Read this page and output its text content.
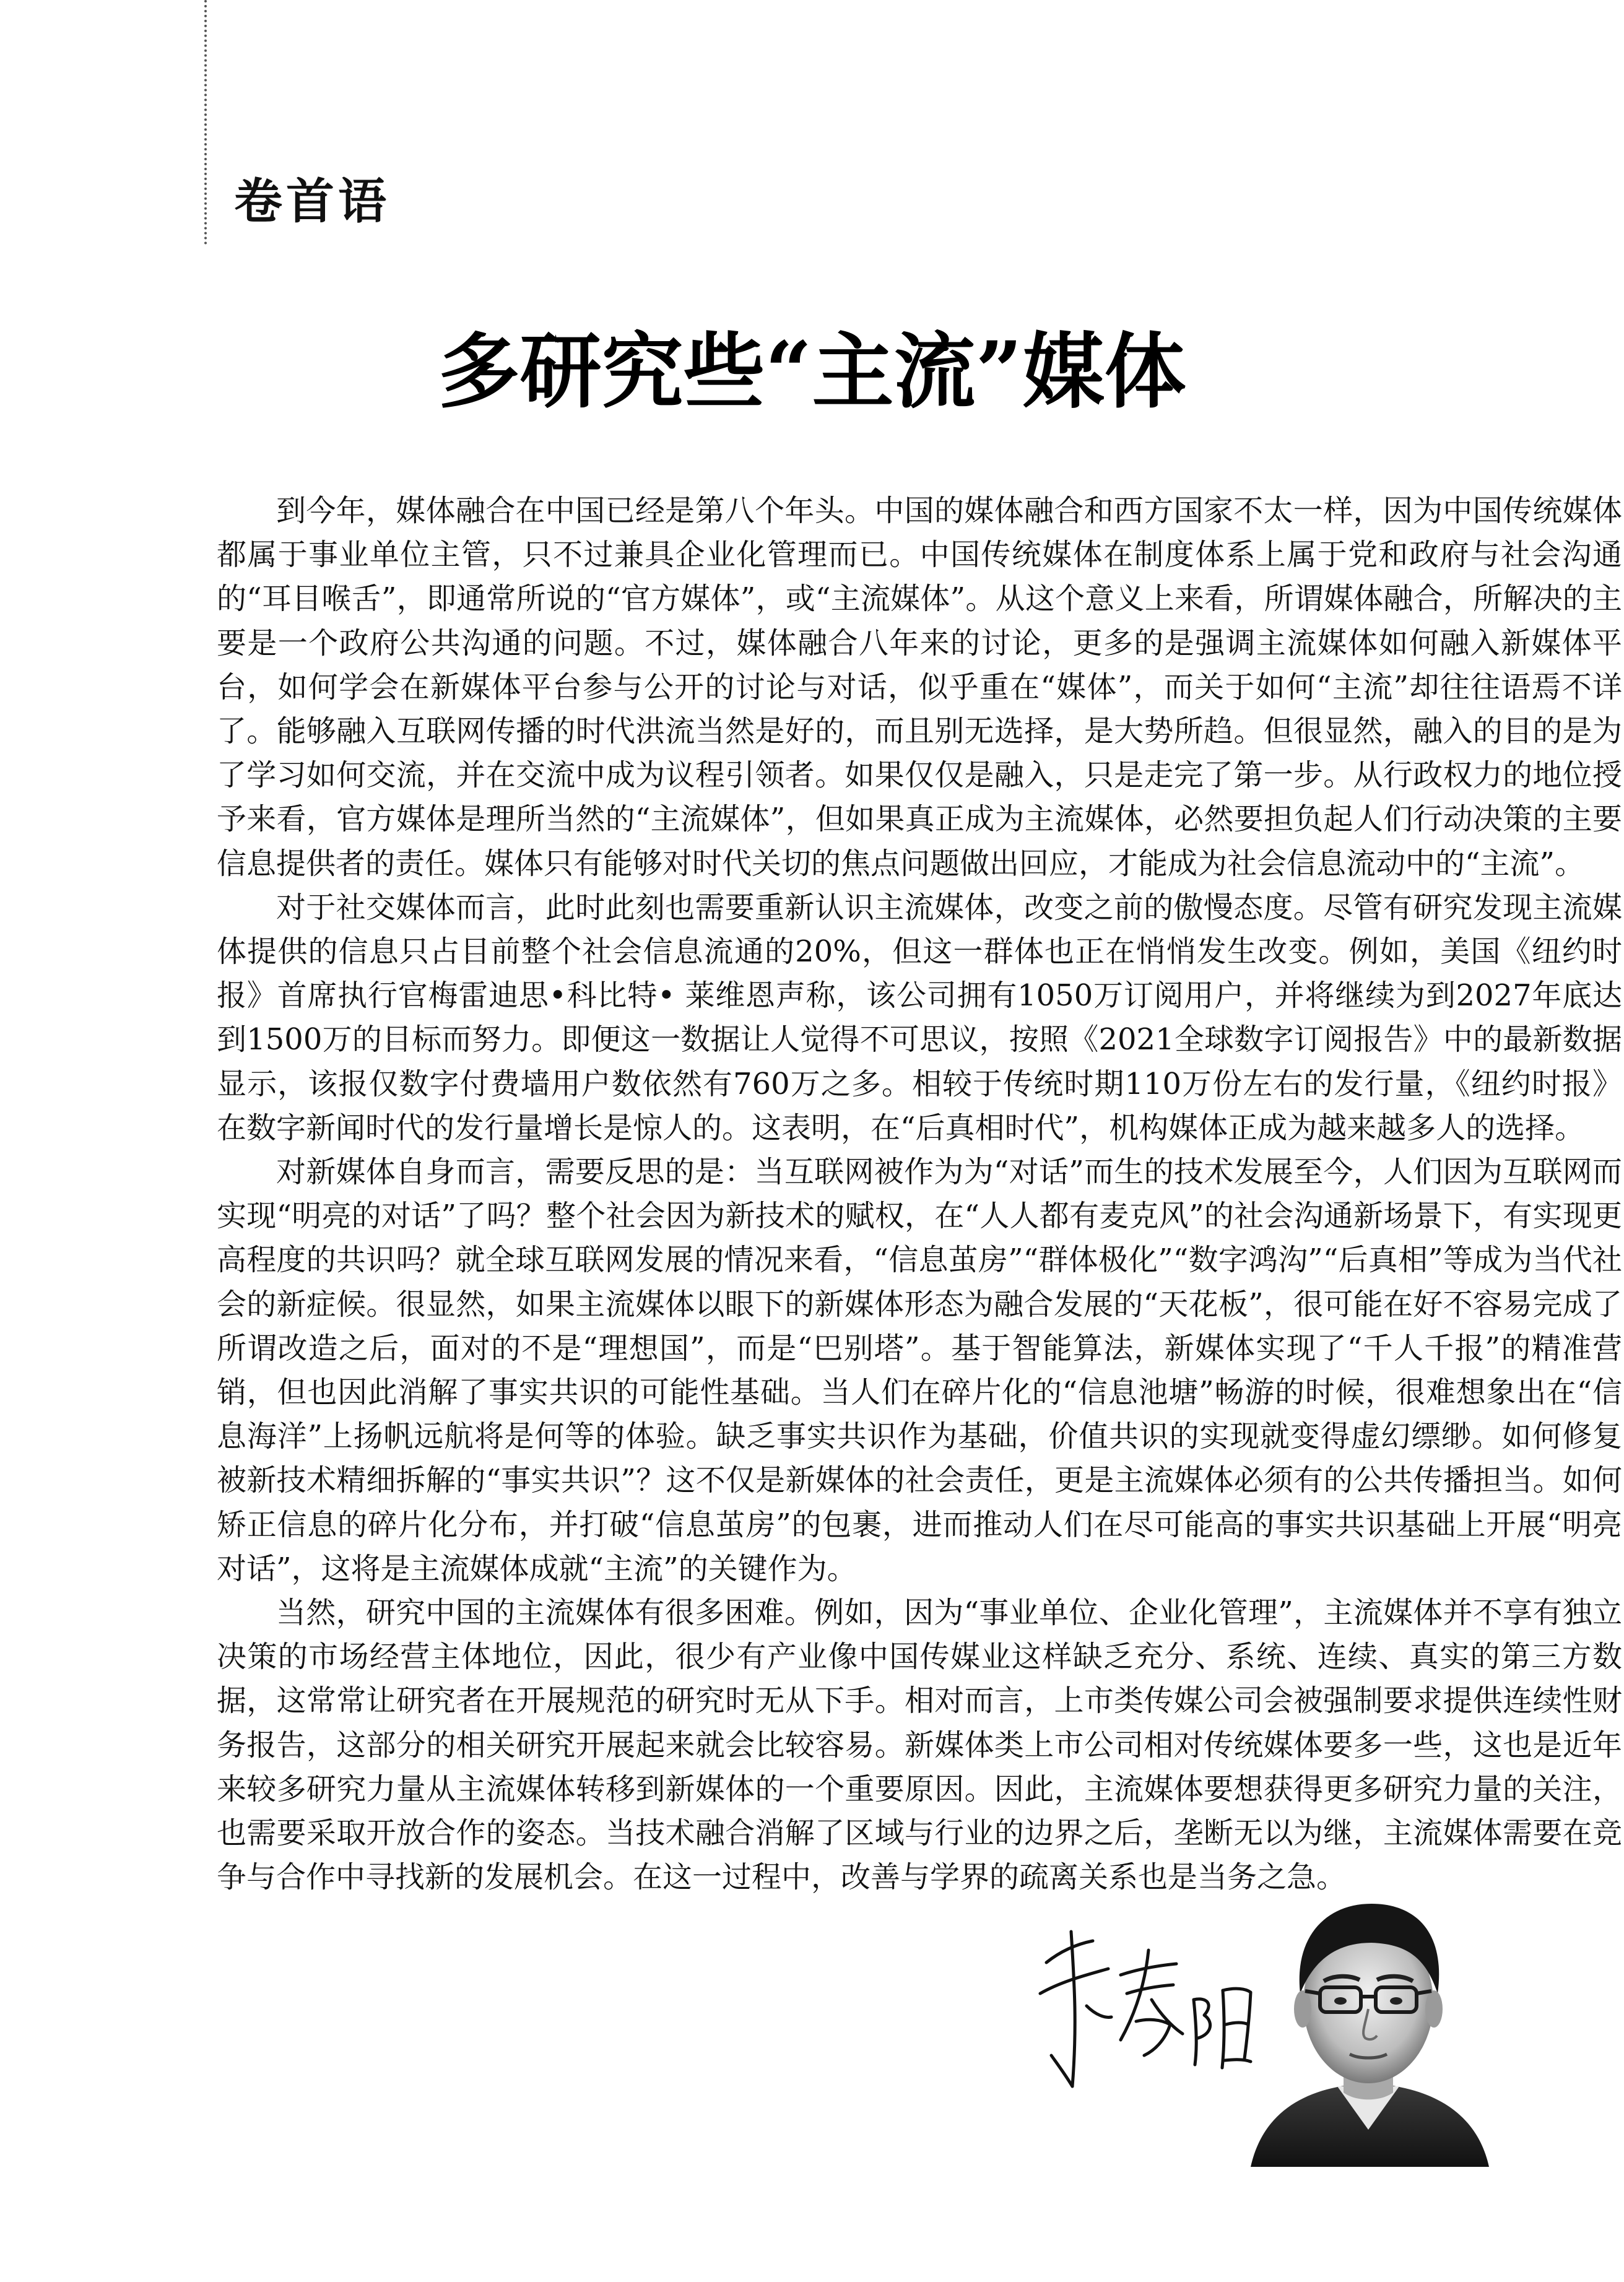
卷首语
多研究些“主流”媒体

到今年，媒体融合在中国已经是第八个年头。中国的媒体融合和西方国家不太一样，因为中国传统媒体都属于事业单位主管，只不过兼具企业化管理而已。中国传统媒体在制度体系上属于党和政府与社会沟通的“耳目喉舌”，即通常所说的“官方媒体”，或“主流媒体”。从这个意义上来看，所谓媒体融合，所解决的主要是一个政府公共沟通的问题。不过，媒体融合八年来的讨论，更多的是强调主流媒体如何融入新媒体平台，如何学会在新媒体平台参与公开的讨论与对话，似乎重在“媒体”，而关于如何“主流”却往往语焉不详了。能够融入互联网传播的时代洪流当然是好的，而且别无选择，是大势所趋。但很显然，融入的目的是为了学习如何交流，并在交流中成为议程引领者。如果仅仅是融入，只是走完了第一步。从行政权力的地位授予来看，官方媒体是理所当然的“主流媒体”，但如果真正成为主流媒体，必然要担负起人们行动决策的主要信息提供者的责任。媒体只有能够对时代关切的焦点问题做出回应，才能成为社会信息流动中的“主流”。

对于社交媒体而言，此时此刻也需要重新认识主流媒体，改变之前的傲慢态度。尽管有研究发现主流媒体提供的信息只占目前整个社会信息流通的20%，但这一群体也正在悄悄发生改变。例如，美国《纽约时报》首席执行官梅雷迪思•科比特• 莱维恩声称，该公司拥有1050万订阅用户，并将继续为到2027年底达到1500万的目标而努力。即便这一数据让人觉得不可思议，按照《2021全球数字订阅报告》中的最新数据显示，该报仅数字付费墙用户数依然有760万之多。相较于传统时期110万份左右的发行量，《纽约时报》在数字新闻时代的发行量增长是惊人的。这表明，在“后真相时代”，机构媒体正成为越来越多人的选择。

对新媒体自身而言，需要反思的是：当互联网被作为为“对话”而生的技术发展至今，人们因为互联网而实现“明亮的对话”了吗？整个社会因为新技术的赋权，在“人人都有麦克风”的社会沟通新场景下，有实现更高程度的共识吗？就全球互联网发展的情况来看，“信息茧房”“群体极化”“数字鸿沟”“后真相”等成为当代社会的新症候。很显然，如果主流媒体以眼下的新媒体形态为融合发展的“天花板”，很可能在好不容易完成了所谓改造之后，面对的不是“理想国”，而是“巴别塔”。基于智能算法，新媒体实现了“千人千报”的精准营销，但也因此消解了事实共识的可能性基础。当人们在碎片化的“信息池塘”畅游的时候，很难想象出在“信息海洋”上扬帆远航将是何等的体验。缺乏事实共识作为基础，价值共识的实现就变得虚幻缥缈。如何修复被新技术精细拆解的“事实共识”？这不仅是新媒体的社会责任，更是主流媒体必须有的公共传播担当。如何矫正信息的碎片化分布，并打破“信息茧房”的包裹，进而推动人们在尽可能高的事实共识基础上开展“明亮对话”，这将是主流媒体成就“主流”的关键作为。

当然，研究中国的主流媒体有很多困难。例如，因为“事业单位、企业化管理”，主流媒体并不享有独立决策的市场经营主体地位，因此，很少有产业像中国传媒业这样缺乏充分、系统、连续、真实的第三方数据，这常常让研究者在开展规范的研究时无从下手。相对而言，上市类传媒公司会被强制要求提供连续性财务报告，这部分的相关研究开展起来就会比较容易。新媒体类上市公司相对传统媒体要多一些，这也是近年来较多研究力量从主流媒体转移到新媒体的一个重要原因。因此，主流媒体要想获得更多研究力量的关注，也需要采取开放合作的姿态。当技术融合消解了区域与行业的边界之后，垄断无以为继，主流媒体需要在竞争与合作中寻找新的发展机会。在这一过程中，改善与学界的疏离关系也是当务之急。
